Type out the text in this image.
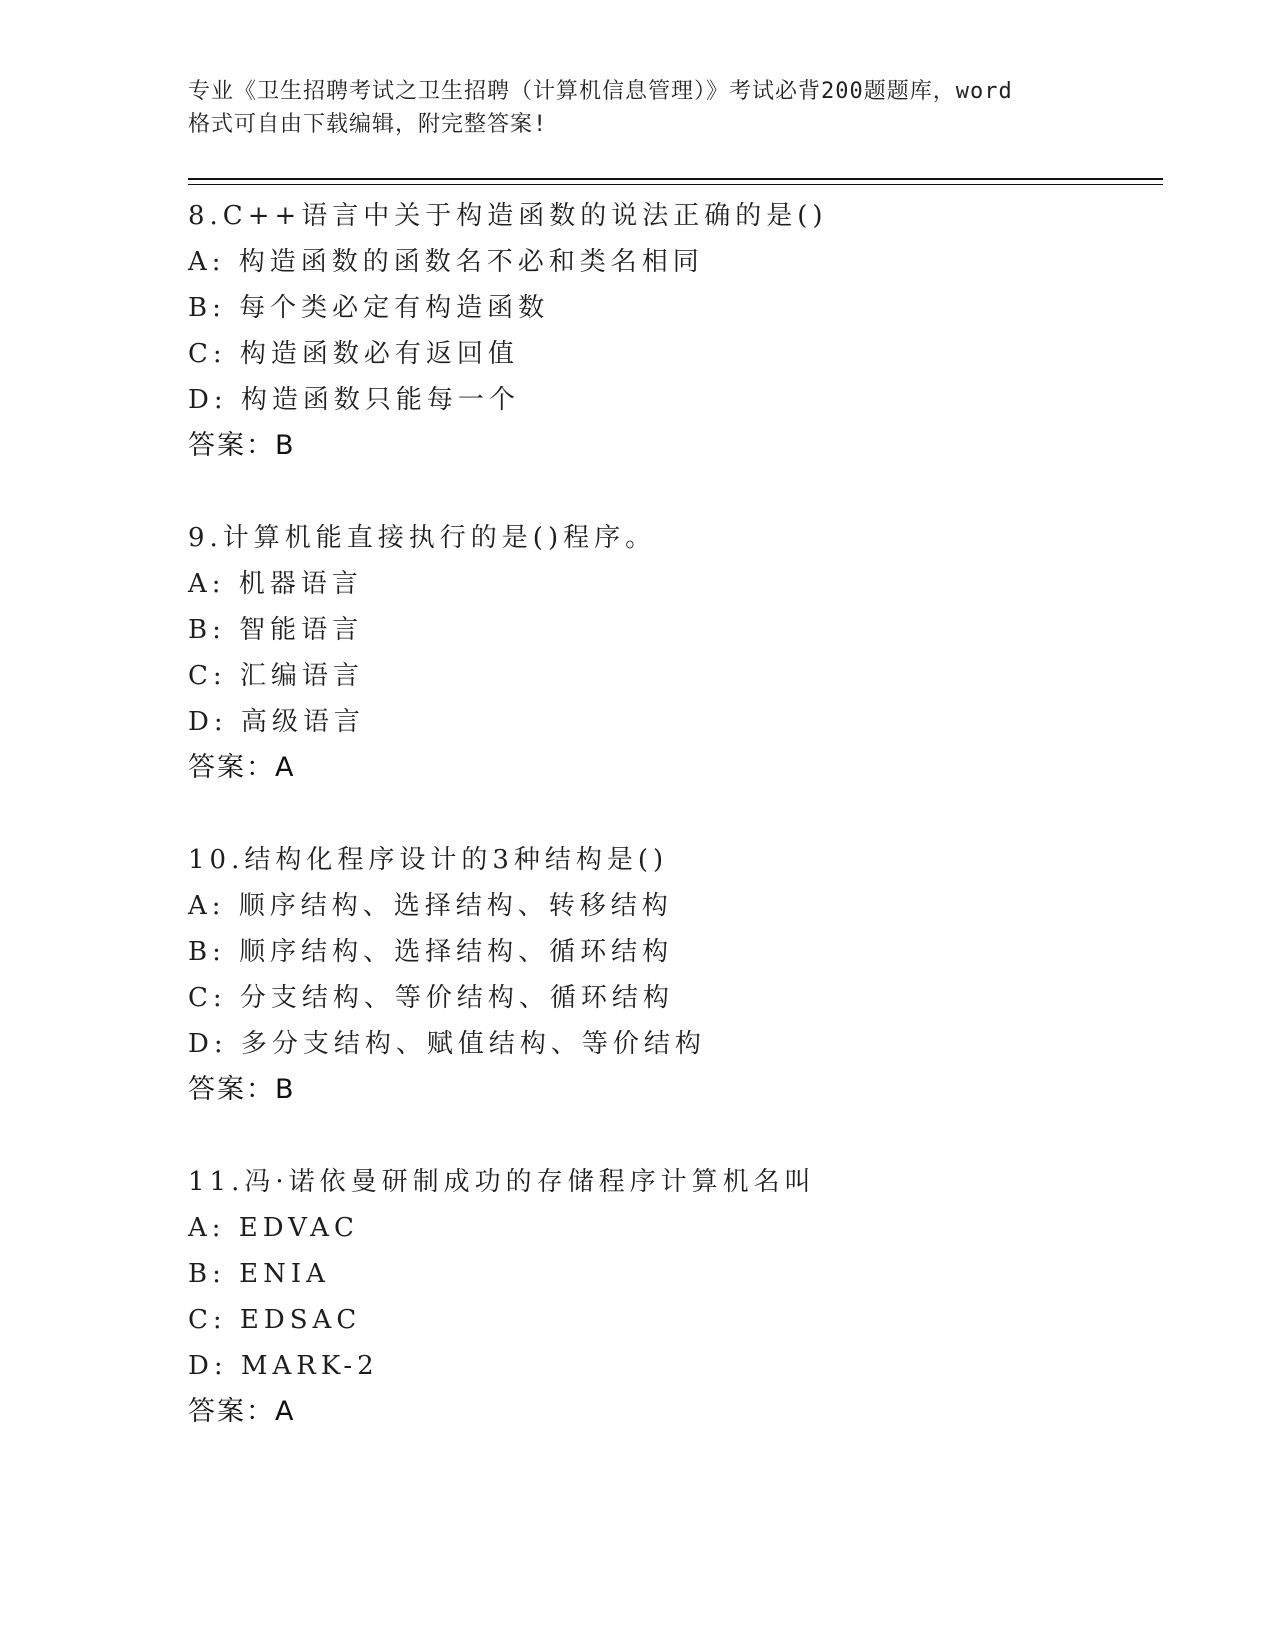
专业《卫生招聘考试之卫生招聘（计算机信息管理）》考试必背200题题库，word
格式可自由下载编辑，附完整答案!
8.C++语言中关于构造函数的说法正确的是()
A: 构造函数的函数名不必和类名相同
B: 每个类必定有构造函数
C: 构造函数必有返回值
D: 构造函数只能每一个
答案：B
9.计算机能直接执行的是()程序。
A: 机器语言
B: 智能语言
C: 汇编语言
D: 高级语言
答案：A
10.结构化程序设计的3种结构是()
A: 顺序结构、选择结构、转移结构
B: 顺序结构、选择结构、循环结构
C: 分支结构、等价结构、循环结构
D: 多分支结构、赋值结构、等价结构
答案：B
11.冯·诺依曼研制成功的存储程序计算机名叫
A: EDVAC
B: ENIA
C: EDSAC
D: MARK-2
答案：A
